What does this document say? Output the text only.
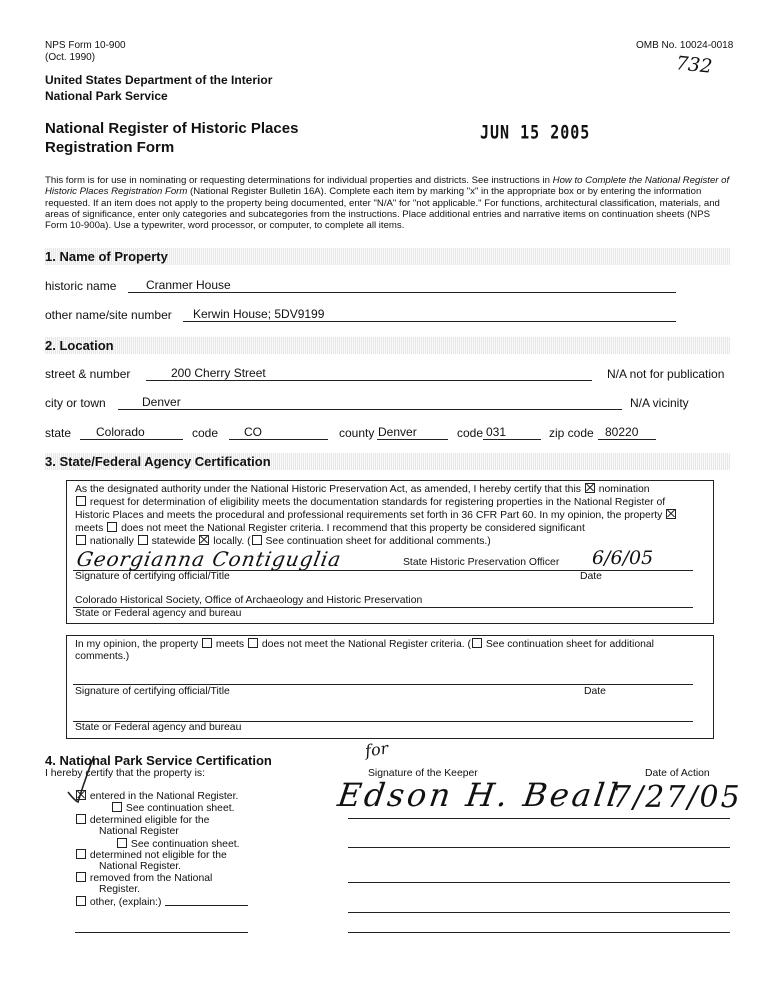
NPS Form 10-900
(Oct. 1990)
OMB No. 10024-0018
732
United States Department of the Interior
National Park Service
National Register of Historic Places
Registration Form
JUN 15 2005
This form is for use in nominating or requesting determinations for individual properties and districts. See instructions in How to Complete the National Register of Historic Places Registration Form (National Register Bulletin 16A). Complete each item by marking "x" in the appropriate box or by entering the information requested. If an item does not apply to the property being documented, enter "N/A" for "not applicable." For functions, architectural classification, materials, and areas of significance, enter only categories and subcategories from the instructions. Place additional entries and narrative items on continuation sheets (NPS Form 10-900a). Use a typewriter, word processor, or computer, to complete all items.
1. Name of Property
historic name Cranmer House
other name/site number Kerwin House; 5DV9199
2. Location
street & number	200 Cherry Street	N/A not for publication
city or town	Denver	N/A vicinity
state Colorado	code CO	county Denver	code 031	zip code 80220
3. State/Federal Agency Certification
As the designated authority under the National Historic Preservation Act, as amended, I hereby certify that this nomination
request for determination of eligibility meets the documentation standards for registering properties in the National Register of
Historic Places and meets the procedural and professional requirements set forth in 36 CFR Part 60. In my opinion, the property
meets does not meet the National Register criteria. I recommend that this property be considered significant
nationally statewide locally. ( See continuation sheet for additional comments.)
Georgianna Contiguglia	State Historic Preservation Officer 6/6/05
Signature of certifying official/Title	Date
Colorado Historical Society, Office of Archaeology and Historic Preservation
State or Federal agency and bureau
In my opinion, the property meets does not meet the National Register criteria. ( See continuation sheet for additional
comments.)
Signature of certifying official/Title	Date
State or Federal agency and bureau
4. National Park Service Certification
I hereby certify that the property is:
for
Signature of the Keeper	Date of Action
Edson H. Beall
7/27/05
entered in the National Register.
See continuation sheet.
determined eligible for the
National Register
See continuation sheet.
determined not eligible for the
National Register.
removed from the National
Register.
other, (explain:)
